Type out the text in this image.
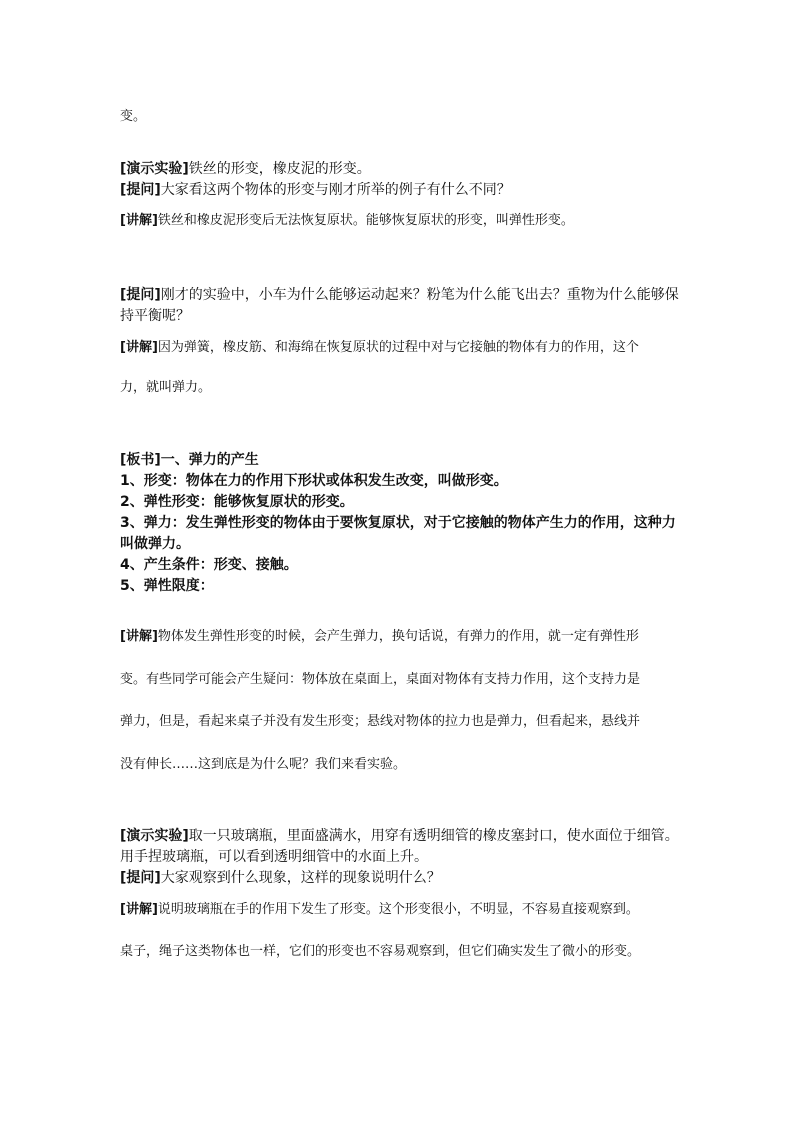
变。
[演示实验]铁丝的形变，橡皮泥的形变。
[提问]大家看这两个物体的形变与刚才所举的例子有什么不同？
[讲解]铁丝和橡皮泥形变后无法恢复原状。能够恢复原状的形变，叫弹性形变。
[提问]刚才的实验中，小车为什么能够运动起来？粉笔为什么能飞出去？重物为什么能够保
持平衡呢？
[讲解]因为弹簧，橡皮筋、和海绵在恢复原状的过程中对与它接触的物体有力的作用，这个
力，就叫弹力。
[板书]一、弹力的产生
1、形变：物体在力的作用下形状或体积发生改变，叫做形变。
2、弹性形变：能够恢复原状的形变。
3、弹力：发生弹性形变的物体由于要恢复原状，对于它接触的物体产生力的作用，这种力
叫做弹力。
4、产生条件：形变、接触。
5、弹性限度：
[讲解]物体发生弹性形变的时候，会产生弹力，换句话说，有弹力的作用，就一定有弹性形
变。有些同学可能会产生疑问：物体放在桌面上，桌面对物体有支持力作用，这个支持力是
弹力，但是，看起来桌子并没有发生形变；悬线对物体的拉力也是弹力，但看起来，悬线并
没有伸长……这到底是为什么呢？我们来看实验。
[演示实验]取一只玻璃瓶，里面盛满水，用穿有透明细管的橡皮塞封口，使水面位于细管。
用手捏玻璃瓶，可以看到透明细管中的水面上升。
[提问]大家观察到什么现象，这样的现象说明什么？
[讲解]说明玻璃瓶在手的作用下发生了形变。这个形变很小，不明显，不容易直接观察到。
桌子，绳子这类物体也一样，它们的形变也不容易观察到，但它们确实发生了微小的形变。
